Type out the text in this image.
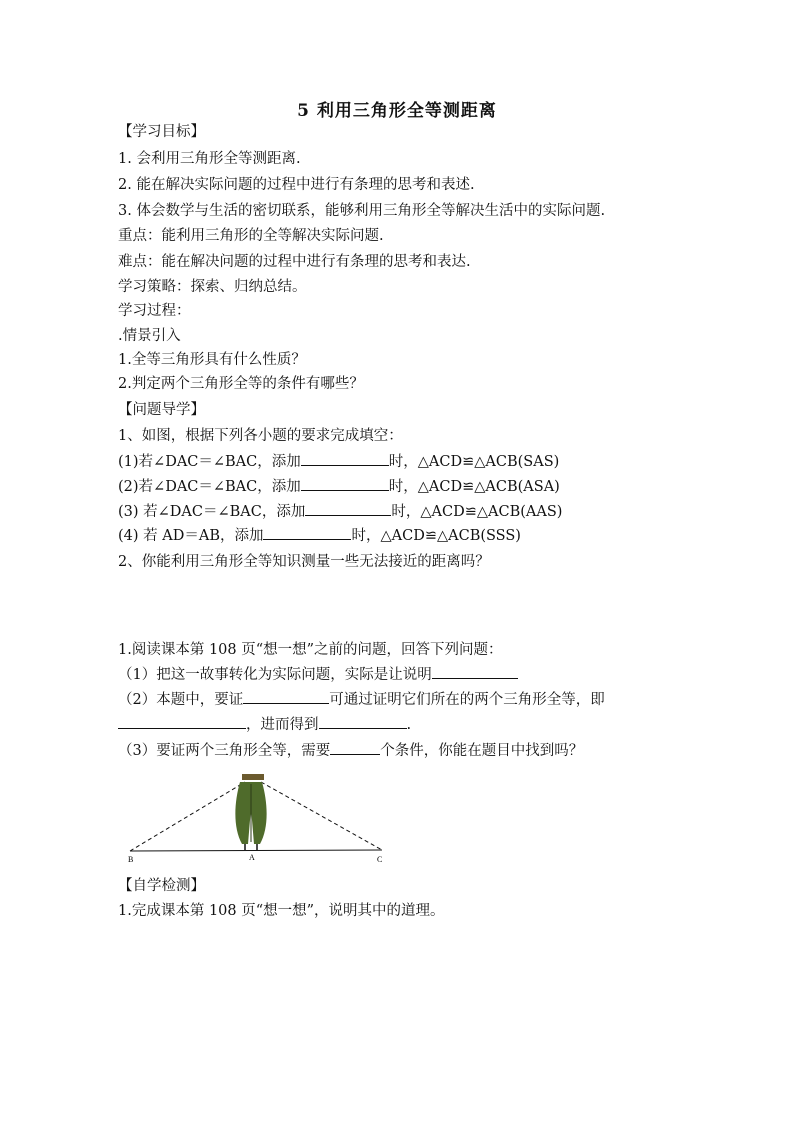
5 利用三角形全等测距离
【学习目标】
1. 会利用三角形全等测距离.
2. 能在解决实际问题的过程中进行有条理的思考和表述.
3. 体会数学与生活的密切联系，能够利用三角形全等解决生活中的实际问题.
重点：能利用三角形的全等解决实际问题.
难点：能在解决问题的过程中进行有条理的思考和表达.
学习策略：探索、归纳总结。
学习过程：
.情景引入
1.全等三角形具有什么性质？
2.判定两个三角形全等的条件有哪些？
【问题导学】
1、如图，根据下列各小题的要求完成填空：
(1)若∠DAC＝∠BAC，添加	时，△ACD≌△ACB(SAS)
(2)若∠DAC＝∠BAC，添加	时，△ACD≌△ACB(ASA)
(3) 若∠DAC＝∠BAC，添加	时，△ACD≌△ACB(AAS)
(4) 若 AD＝AB，添加	时，△ACD≌△ACB(SSS)
2、你能利用三角形全等知识测量一些无法接近的距离吗？
1.阅读课本第 108 页“想一想”之前的问题，回答下列问题：
（1）把这一故事转化为实际问题，实际是让说明
（2）本题中，要证	可通过证明它们所在的两个三角形全等，即
，进而得到	.
（3）要证两个三角形全等，需要	个条件，你能在题目中找到吗？
B	A	C
【自学检测】
1.完成课本第 108 页“想一想”，说明其中的道理。
